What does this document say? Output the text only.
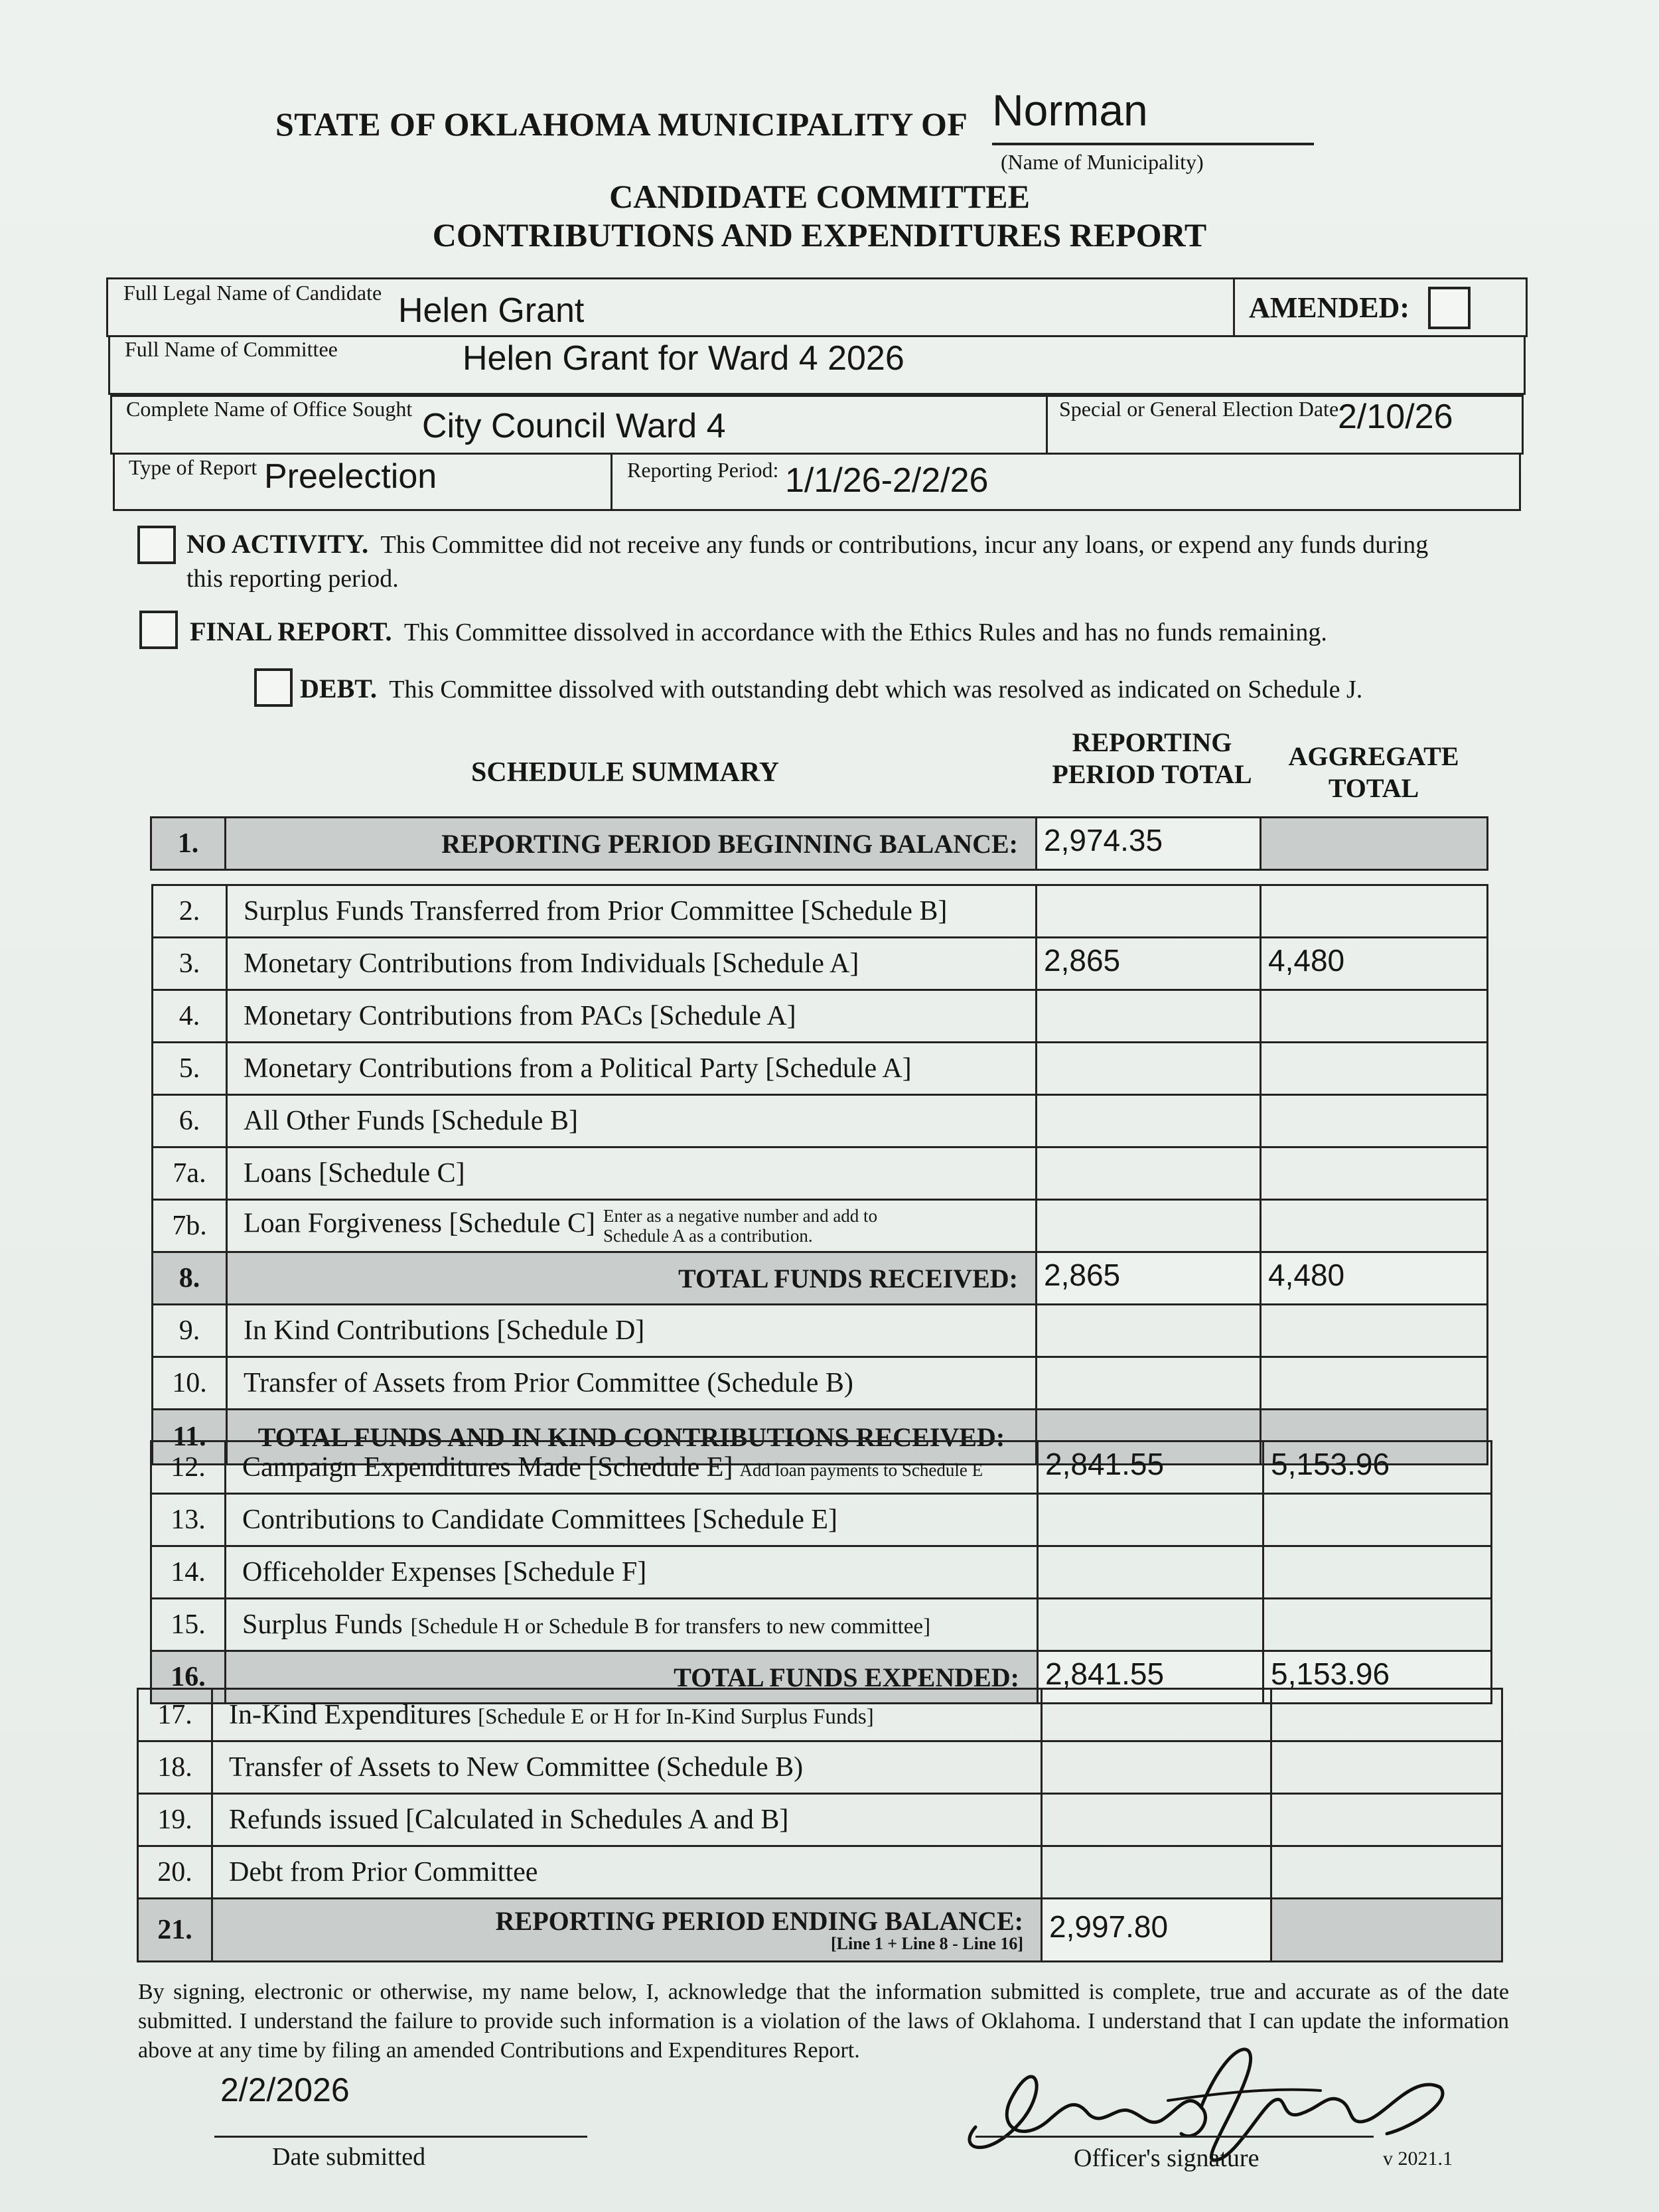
STATE OF OKLAHOMA MUNICIPALITY OF Norman
(Name of Municipality)
CANDIDATE COMMITTEE
CONTRIBUTIONS AND EXPENDITURES REPORT
Full Legal Name of Candidate Helen Grant	AMENDED:
Full Name of Committee	Helen Grant for Ward 4 2026
Complete Name of Office Sought City Council Ward 4	Special or General Election Date
2/10/26
Type of Report Preelection	Reporting Period: 1/1/26-2/2/26
NO ACTIVITY. This Committee did not receive any funds or contributions, incur any loans, or expend any funds during this reporting period.
FINAL REPORT. This Committee dissolved in accordance with the Ethics Rules and has no funds remaining.
DEBT. This Committee dissolved with outstanding debt which was resolved as indicated on Schedule J.
SCHEDULE SUMMARY
REPORTING PERIOD TOTAL
AGGREGATE TOTAL
1.	REPORTING PERIOD BEGINNING BALANCE:	2,974.35	
2.	Surplus Funds Transferred from Prior Committee [Schedule B]		
3.	Monetary Contributions from Individuals [Schedule A]	2,865	4,480
4.	Monetary Contributions from PACs [Schedule A]		
5.	Monetary Contributions from a Political Party [Schedule A]		
6.	All Other Funds [Schedule B]		
7a.	Loans [Schedule C]		
7b.	Loan Forgiveness [Schedule C] Enter as a negative number and add to Schedule A as a contribution.		
8.	TOTAL FUNDS RECEIVED:	2,865	4,480
9.	In Kind Contributions [Schedule D]		
10.	Transfer of Assets from Prior Committee (Schedule B)		
11.	TOTAL FUNDS AND IN KIND CONTRIBUTIONS RECEIVED:		
12.	Campaign Expenditures Made [Schedule E] Add loan payments to Schedule E	2,841.55	5,153.96
13.	Contributions to Candidate Committees [Schedule E]		
14.	Officeholder Expenses [Schedule F]		
15.	Surplus Funds [Schedule H or Schedule B for transfers to new committee]		
16.	TOTAL FUNDS EXPENDED:	2,841.55	5,153.96
17.	In-Kind Expenditures [Schedule E or H for In-Kind Surplus Funds]		
18.	Transfer of Assets to New Committee (Schedule B)		
19.	Refunds issued [Calculated in Schedules A and B]		
20.	Debt from Prior Committee		
21.	REPORTING PERIOD ENDING BALANCE:
[Line 1 + Line 8 - Line 16]	2,997.80	
By signing, electronic or otherwise, my name below, I, acknowledge that the information submitted is complete, true and accurate as of the date submitted. I understand the failure to provide such information is a violation of the laws of Oklahoma. I understand that I can update the information above at any time by filing an amended Contributions and Expenditures Report.
2/2/2026
Date submitted	Officer's signature	v 2021.1
